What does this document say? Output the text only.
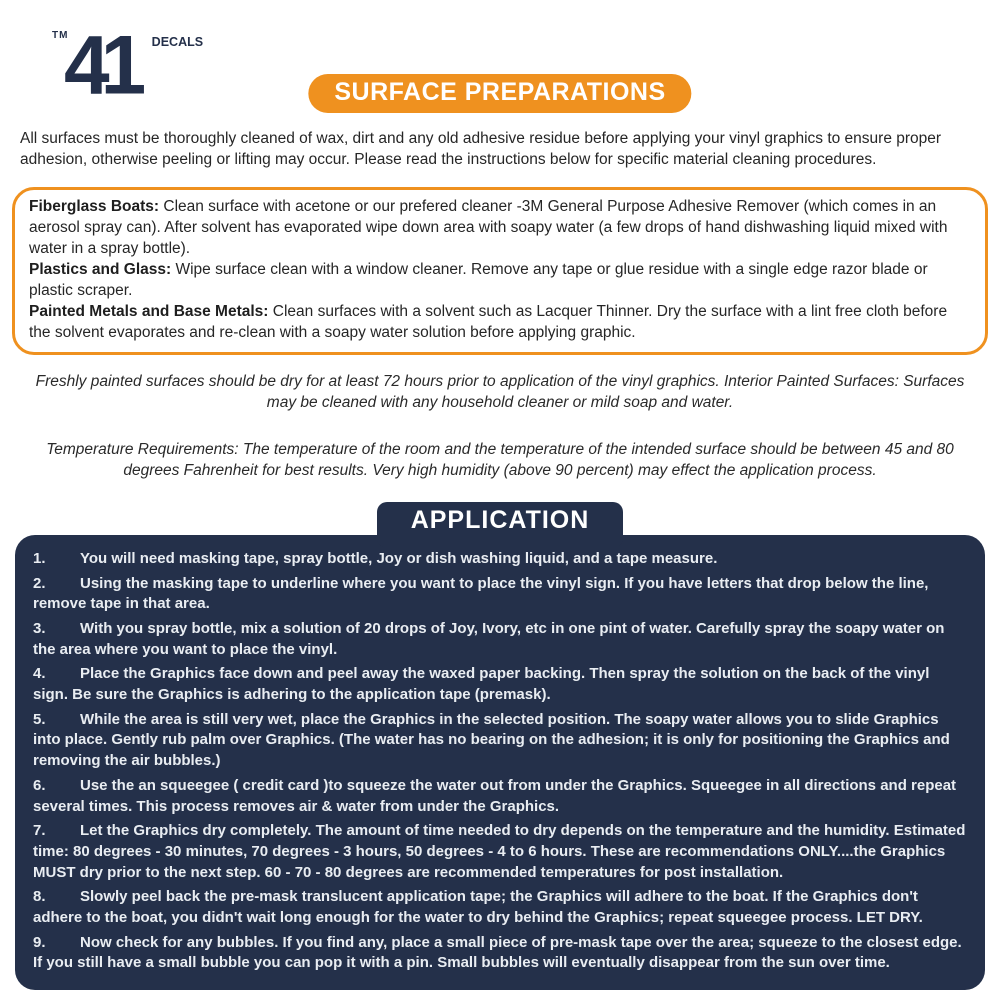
TM
41 DECALS
SURFACE PREPARATIONS

All surfaces must be thoroughly cleaned of wax, dirt and any old adhesive residue before applying your vinyl graphics to ensure proper adhesion, otherwise peeling or lifting may occur. Please read the instructions below for specific material cleaning procedures.

Fiberglass Boats: Clean surface with acetone or our prefered cleaner -3M General Purpose Adhesive Remover (which comes in an aerosol spray can). After solvent has evaporated wipe down area with soapy water (a few drops of hand dishwashing liquid mixed with water in a spray bottle).

Plastics and Glass: Wipe surface clean with a window cleaner. Remove any tape or glue residue with a single edge razor blade or plastic scraper.

Painted Metals and Base Metals: Clean surfaces with a solvent such as Lacquer Thinner. Dry the surface with a lint free cloth before the solvent evaporates and re-clean with a soapy water solution before applying graphic.

Freshly painted surfaces should be dry for at least 72 hours prior to application of the vinyl graphics. Interior Painted Surfaces: Surfaces may be cleaned with any household cleaner or mild soap and water.

Temperature Requirements: The temperature of the room and the temperature of the intended surface should be between 45 and 80 degrees Fahrenheit for best results. Very high humidity (above 90 percent) may effect the application process.

APPLICATION

1. You will need masking tape, spray bottle, Joy or dish washing liquid, and a tape measure.

2. Using the masking tape to underline where you want to place the vinyl sign. If you have letters that drop below the line, remove tape in that area.

3. With you spray bottle, mix a solution of 20 drops of Joy, Ivory, etc in one pint of water. Carefully spray the soapy water on the area where you want to place the vinyl.

4. Place the Graphics face down and peel away the waxed paper backing. Then spray the solution on the back of the vinyl sign. Be sure the Graphics is adhering to the application tape (premask).

5. While the area is still very wet, place the Graphics in the selected position. The soapy water allows you to slide Graphics into place. Gently rub palm over Graphics. (The water has no bearing on the adhesion; it is only for positioning the Graphics and removing the air bubbles.)

6. Use the an squeegee ( credit card )to squeeze the water out from under the Graphics. Squeegee in all directions and repeat several times. This process removes air & water from under the Graphics.

7. Let the Graphics dry completely. The amount of time needed to dry depends on the temperature and the humidity. Estimated time: 80 degrees - 30 minutes, 70 degrees - 3 hours, 50 degrees - 4 to 6 hours. These are recommendations ONLY....the Graphics MUST dry prior to the next step. 60 - 70 - 80 degrees are recommended temperatures for post installation.

8. Slowly peel back the pre-mask translucent application tape; the Graphics will adhere to the boat. If the Graphics don't adhere to the boat, you didn't wait long enough for the water to dry behind the Graphics; repeat squeegee process. LET DRY.

9. Now check for any bubbles. If you find any, place a small piece of pre-mask tape over the area; squeeze to the closest edge. If you still have a small bubble you can pop it with a pin. Small bubbles will eventually disappear from the sun over time.
